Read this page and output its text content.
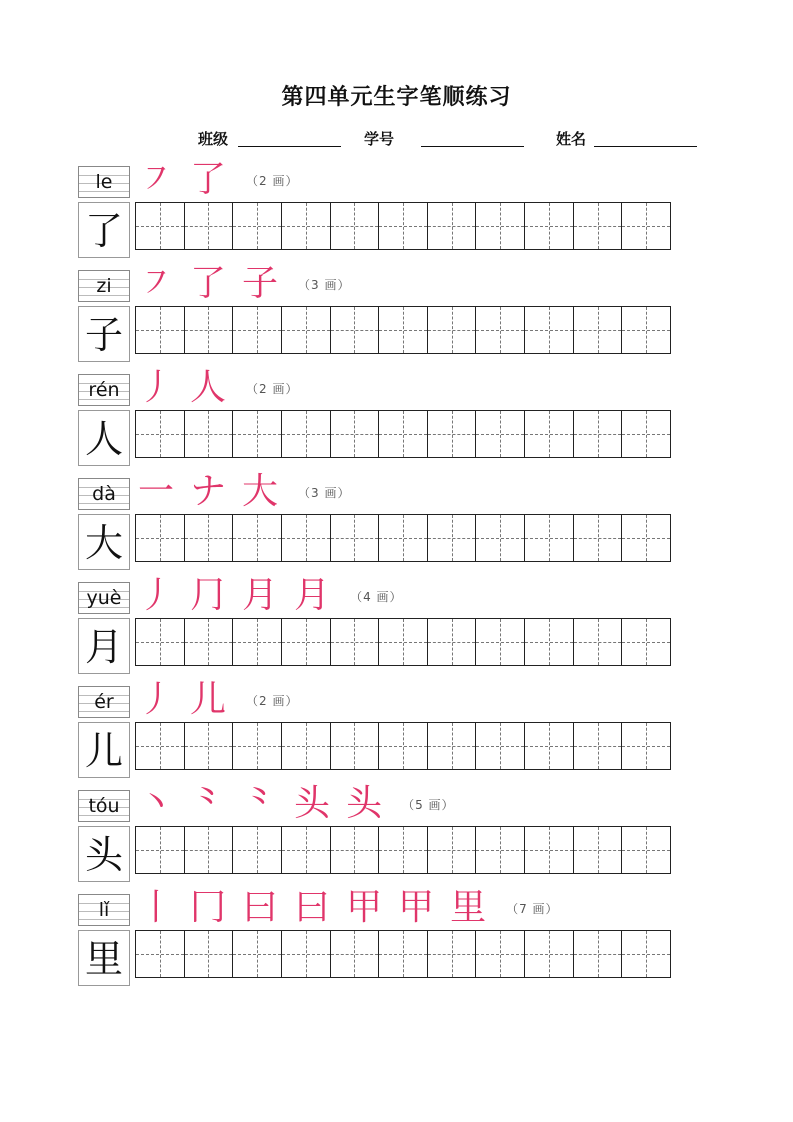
第四单元生字笔顺练习
班级	学号	姓名
le
了
㇇ 了 （2 画）
zi
子
㇇ 了 子 （3 画）
rén
人
丿 人 （2 画）
dà
大
一 ナ 大 （3 画）
yuè
月
丿 ⺆ 月 月 （4 画）
ér
儿
丿 儿 （2 画）
tóu
头
丶 ⺀ ⺀ 头 头 （5 画）
lǐ
里
丨 冂 曰 曰 甲 甲 里 （7 画）
